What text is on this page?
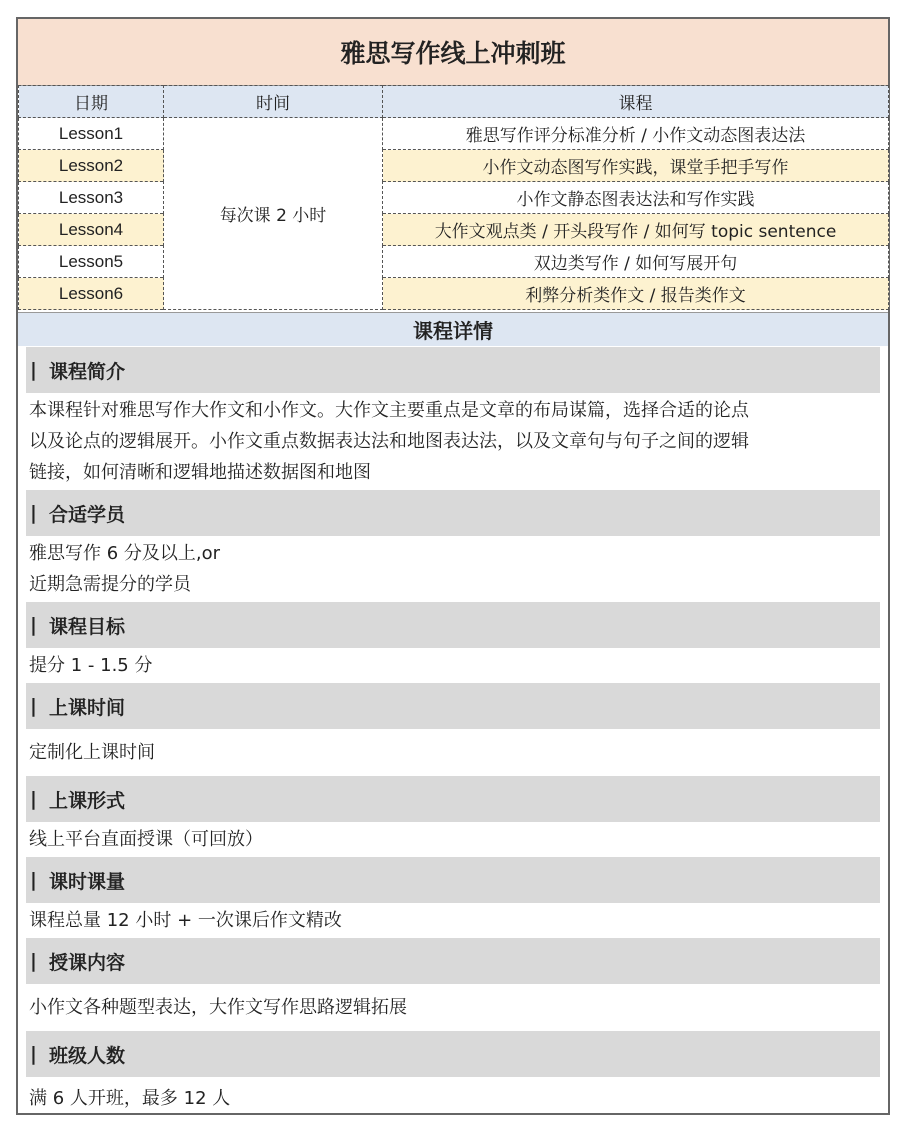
雅思写作线上冲刺班
日期	时间	课程
Lesson1	每次课 2 小时	雅思写作评分标准分析 / 小作文动态图表达法
Lesson2		小作文动态图写作实践，课堂手把手写作
Lesson3		小作文静态图表达法和写作实践
Lesson4		大作文观点类 / 开头段写作 / 如何写 topic sentence
Lesson5		双边类写作 / 如何写展开句
Lesson6		利弊分析类作文 / 报告类作文
课程详情
| 课程简介

本课程针对雅思写作大作文和小作文。大作文主要重点是文章的布局谋篇，选择合适的论点

以及论点的逻辑展开。小作文重点数据表达法和地图表达法，以及文章句与句子之间的逻辑

链接，如何清晰和逻辑地描述数据图和地图

| 合适学员

雅思写作 6 分及以上,or

近期急需提分的学员

| 课程目标

提分 1 - 1.5 分

| 上课时间

定制化上课时间

| 上课形式

线上平台直面授课（可回放）

| 课时课量

课程总量 12 小时 + 一次课后作文精改

| 授课内容

小作文各种题型表达，大作文写作思路逻辑拓展

| 班级人数

满 6 人开班，最多 12 人
